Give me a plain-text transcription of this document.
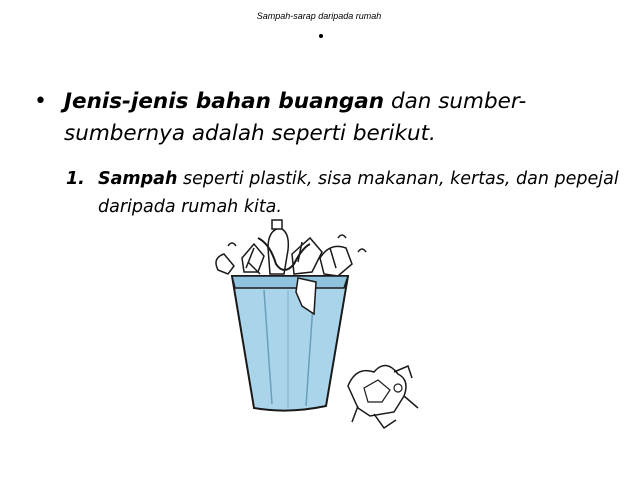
Sampah-sarap daripada rumah
• Jenis-jenis bahan buangan dan sumber-sumbernya adalah seperti berikut.
1. Sampah seperti plastik, sisa makanan, kertas, dan pepejal daripada rumah kita.
